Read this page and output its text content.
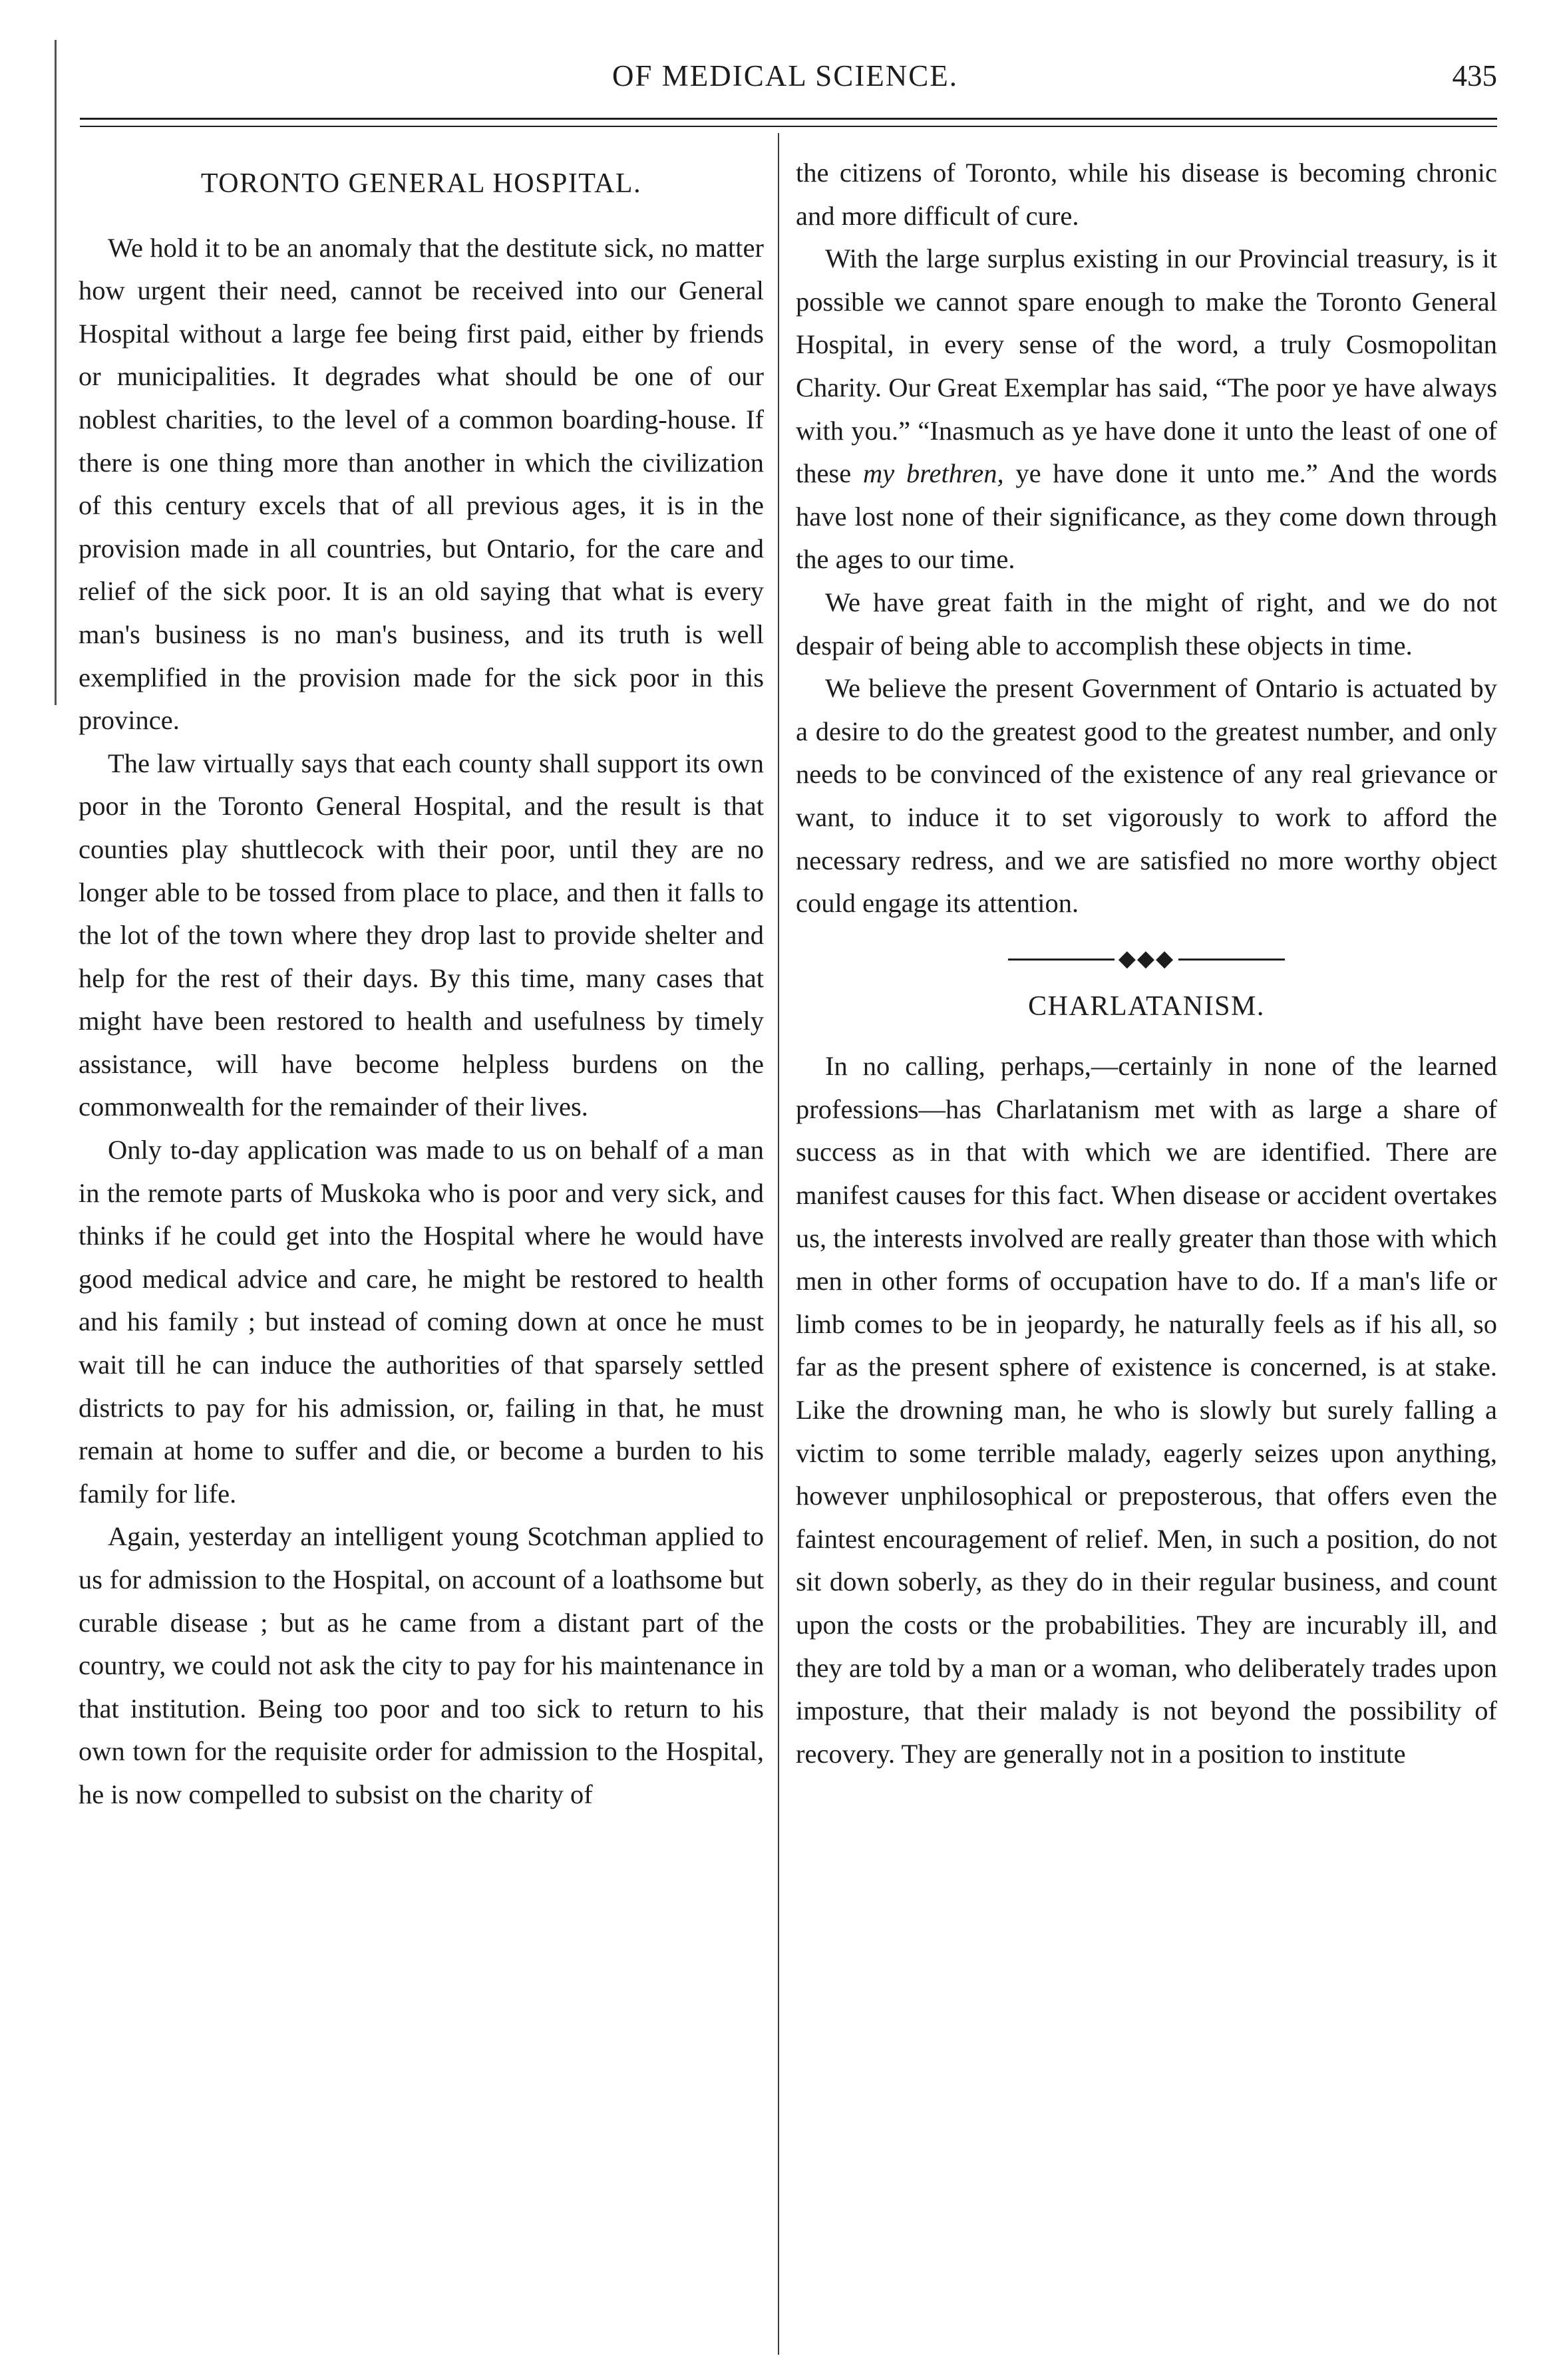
OF MEDICAL SCIENCE.	435
TORONTO GENERAL HOSPITAL.

We hold it to be an anomaly that the destitute sick, no matter how urgent their need, cannot be received into our General Hospital without a large fee being first paid, either by friends or municipalities. It degrades what should be one of our noblest charities, to the level of a common boarding-house. If there is one thing more than another in which the civilization of this century excels that of all previous ages, it is in the provision made in all countries, but Ontario, for the care and relief of the sick poor. It is an old saying that what is every man's business is no man's business, and its truth is well exemplified in the provision made for the sick poor in this province.

The law virtually says that each county shall support its own poor in the Toronto General Hospital, and the result is that counties play shuttlecock with their poor, until they are no longer able to be tossed from place to place, and then it falls to the lot of the town where they drop last to provide shelter and help for the rest of their days. By this time, many cases that might have been restored to health and usefulness by timely assistance, will have become helpless burdens on the commonwealth for the remainder of their lives.

Only to-day application was made to us on behalf of a man in the remote parts of Muskoka who is poor and very sick, and thinks if he could get into the Hospital where he would have good medical advice and care, he might be restored to health and his family ; but instead of coming down at once he must wait till he can induce the authorities of that sparsely settled districts to pay for his admission, or, failing in that, he must remain at home to suffer and die, or become a burden to his family for life.

Again, yesterday an intelligent young Scotchman applied to us for admission to the Hospital, on account of a loathsome but curable disease ; but as he came from a distant part of the country, we could not ask the city to pay for his maintenance in that institution. Being too poor and too sick to return to his own town for the requisite order for admission to the Hospital, he is now compelled to subsist on the charity of

the citizens of Toronto, while his disease is becoming chronic and more difficult of cure.

With the large surplus existing in our Provincial treasury, is it possible we cannot spare enough to make the Toronto General Hospital, in every sense of the word, a truly Cosmopolitan Charity. Our Great Exemplar has said, “The poor ye have always with you.” “Inasmuch as ye have done it unto the least of one of these my brethren, ye have done it unto me.” And the words have lost none of their significance, as they come down through the ages to our time.

We have great faith in the might of right, and we do not despair of being able to accomplish these objects in time.

We believe the present Government of Ontario is actuated by a desire to do the greatest good to the greatest number, and only needs to be convinced of the existence of any real grievance or want, to induce it to set vigorously to work to afford the necessary redress, and we are satisfied no more worthy object could engage its attention.

◆◆◆
CHARLATANISM.

In no calling, perhaps,—certainly in none of the learned professions—has Charlatanism met with as large a share of success as in that with which we are identified. There are manifest causes for this fact. When disease or accident overtakes us, the interests involved are really greater than those with which men in other forms of occupation have to do. If a man's life or limb comes to be in jeopardy, he naturally feels as if his all, so far as the present sphere of existence is concerned, is at stake. Like the drowning man, he who is slowly but surely falling a victim to some terrible malady, eagerly seizes upon anything, however unphilosophical or preposterous, that offers even the faintest encouragement of relief. Men, in such a position, do not sit down soberly, as they do in their regular business, and count upon the costs or the probabilities. They are incurably ill, and they are told by a man or a woman, who deliberately trades upon imposture, that their malady is not beyond the possibility of recovery. They are generally not in a position to institute
